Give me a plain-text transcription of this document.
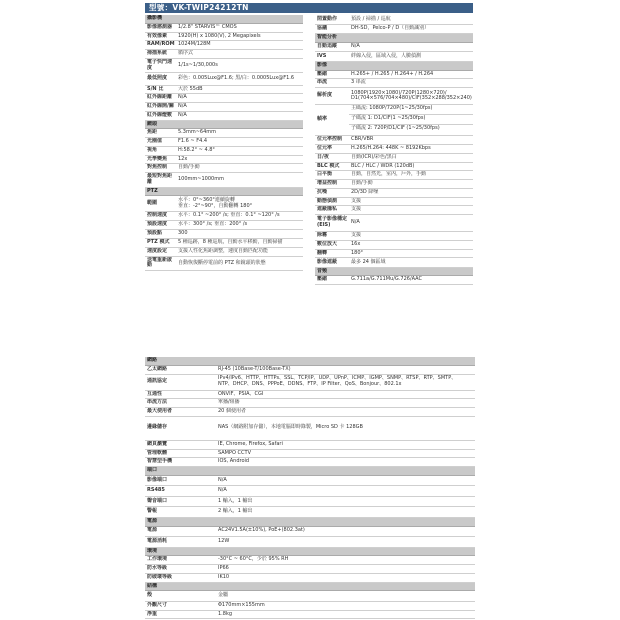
型號：VK-TWIP24212TN
攝影機	
影像感測器	1/2.8" STARVIS™ CMOS
有效像素	1920(H) x 1080(V), 2 Megapixels
RAM/ROM	1024M/128M
掃描系統	循序式
電子快門速度	1/1s~1/30,000s
最低照度	彩色：0.005Lux@F1.6; 黑/白：0.0005Lux@F1.6
S/N 比	大於 55dB
紅外線距離	N/A
紅外線開/關	N/A
紅外線燈數	N/A
鏡頭	
焦距	5.3mm~64mm
光圈值	F1.6 ~ F4.4
視角	H:58.2° ~ 4.8°
光學變焦	12x
對焦控制	自動/手動
最短對焦距離	100mm~1000mm
PTZ	
範圍	水平：0°~360°連續旋轉
垂直：-2°~90°，自動翻轉 180°
控制速度	水平：0.1° ~200° /s; 垂直：0.1° ~120° /s
預設速度	水平：300° /s; 垂直：200° /s
預設點	300
PTZ 模式	5 種巡跡，8 種巡航，自動水平移動，自動掃描
速度設定	支援人性化焦距調整，速度自動匹配功能
送電重新啟動	自動恢復斷停電前的 PTZ 和鏡頭的狀態
閒置動作	預設 / 掃描 / 巡航
協議	DH-SD，Pelco-P / D（自動識別）
智能分析	
自動追蹤	N/A
IVS	絆線入侵，區域入侵，人臉偵測
影像	
壓縮	H.265+ / H.265 / H.264+ / H.264
串流	3 串流
解析度	1080P(1920×1080)/720P(1280×720)/
D1(704×576/704×480)/CIF(352×288/352×240)
幀率	主碼流: 1080P/720P(1~25/30fps)
子碼流 1: D1/CIF(1 ~25/30fps)
子碼流 2: 720P/D1/CIF (1~25/30fps)

位元率控制	CBR/VBR
位元率	H.265/H.264: 448K ~ 8192Kbps
日/夜	自動(ICR)/彩色/黑白
BLC 模式	BLC / HLC / WDR (120dB)
白平衡	自動，自然光，室內，戶外，手動
增益控制	自動/手動
抗噪	2D/3D 降噪
動態偵測	支援
遮蔽隱私	支援
電子影像穩定(EIS)	N/A
除霧	支援
數位放大	16x
翻轉	180°
影像遮蔽	最多 24 個區域
音頻	
壓縮	G.711a/G.711Mu/G.726/AAC
網路	
乙太網路	RJ-45 (10Base-T/100Base-TX)
通訊協定	IPv4/IPv6、HTTP、HTTPs、SSL、TCP/IP、UDP、UPnP、ICMP、IGMP、SNMP、RTSP、RTP、SMTP、
NTP、DHCP、DNS、PPPoE、DDNS、FTP、IP Filter、QoS、Bonjour、802.1x
互通性	ONVIF、PSIA、CGI
串流方法	單播/組播
最大使用者	20 個使用者
邊緣儲存	NAS（網路附加存儲），本地電腦即時錄製，Micro SD 卡 128GB
網頁瀏覽	IE, Chrome, Firefox, Safari
管理軟體	SAMPO CCTV
智慧型手機	IOS, Android
端口	
影像端口	N/A
RS485	N/A
聲音端口	1 輸入，1 輸出
警報	2 輸入，1 輸出
電源	
電源	AC24V1.5A(±10%), PoE+(802.3at)
電源消耗	12W
環境	
工作環境	-30°C ~ 60°C，少於 95% RH
防水等級	IP66
防破壞等級	IK10
結構	
殼	金屬
外觀尺寸	Φ170mm×155mm
淨重	1.8kg
